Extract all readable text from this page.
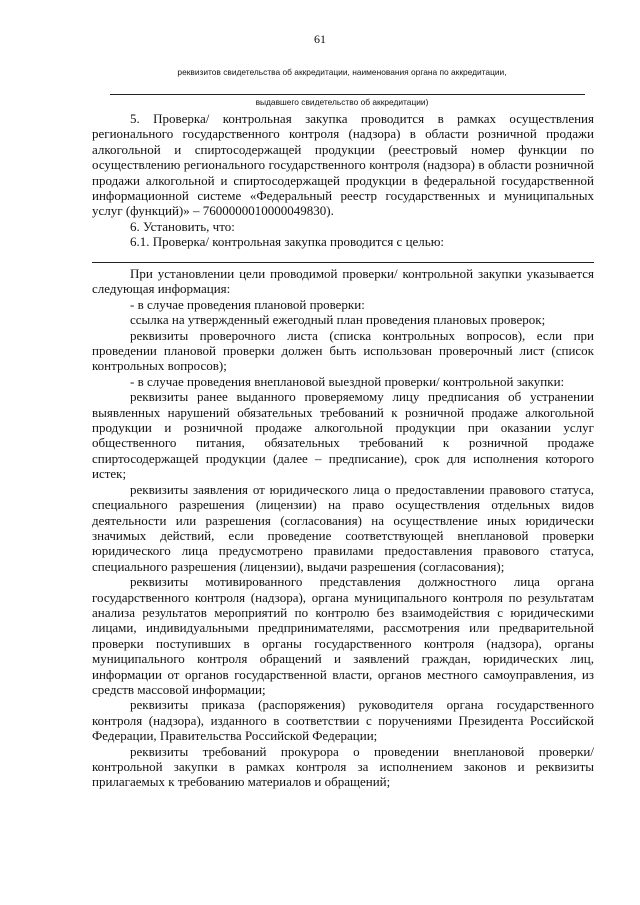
61
реквизитов свидетельства об аккредитации, наименования органа по аккредитации,
выдавшего свидетельство об аккредитации)

5. Проверка/ контрольная закупка проводится в рамках осуществления регионального государственного контроля (надзора) в области розничной продажи алкогольной и спиртосодержащей продукции (реестровый номер функции по осуществлению регионального государственного контроля (надзора) в области розничной продажи алкогольной и спиртосодержащей продукции в федеральной государственной информационной системе «Федеральный реестр государственных и муниципальных услуг (функций)» – 7600000010000049830).

6. Установить, что:

6.1. Проверка/ контрольная закупка проводится с целью:

При установлении цели проводимой проверки/ контрольной закупки указывается следующая информация:

- в случае проведения плановой проверки:

ссылка на утвержденный ежегодный план проведения плановых проверок;

реквизиты проверочного листа (списка контрольных вопросов), если при проведении плановой проверки должен быть использован проверочный лист (список контрольных вопросов);

- в случае проведения внеплановой выездной проверки/ контрольной закупки:

реквизиты ранее выданного проверяемому лицу предписания об устранении выявленных нарушений обязательных требований к розничной продаже алкогольной продукции и розничной продаже алкогольной продукции при оказании услуг общественного питания, обязательных требований к розничной продаже спиртосодержащей продукции (далее – предписание), срок для исполнения которого истек;

реквизиты заявления от юридического лица о предоставлении правового статуса, специального разрешения (лицензии) на право осуществления отдельных видов деятельности или разрешения (согласования) на осуществление иных юридически значимых действий, если проведение соответствующей внеплановой проверки юридического лица предусмотрено правилами предоставления правового статуса, специального разрешения (лицензии), выдачи разрешения (согласования);

реквизиты мотивированного представления должностного лица органа государственного контроля (надзора), органа муниципального контроля по результатам анализа результатов мероприятий по контролю без взаимодействия с юридическими лицами, индивидуальными предпринимателями, рассмотрения или предварительной проверки поступивших в органы государственного контроля (надзора), органы муниципального контроля обращений и заявлений граждан, юридических лиц, информации от органов государственной власти, органов местного самоуправления, из средств массовой информации;

реквизиты приказа (распоряжения) руководителя органа государственного контроля (надзора), изданного в соответствии с поручениями Президента Российской Федерации, Правительства Российской Федерации;

реквизиты требований прокурора о проведении внеплановой проверки/ контрольной закупки в рамках контроля за исполнением законов и реквизиты прилагаемых к требованию материалов и обращений;
